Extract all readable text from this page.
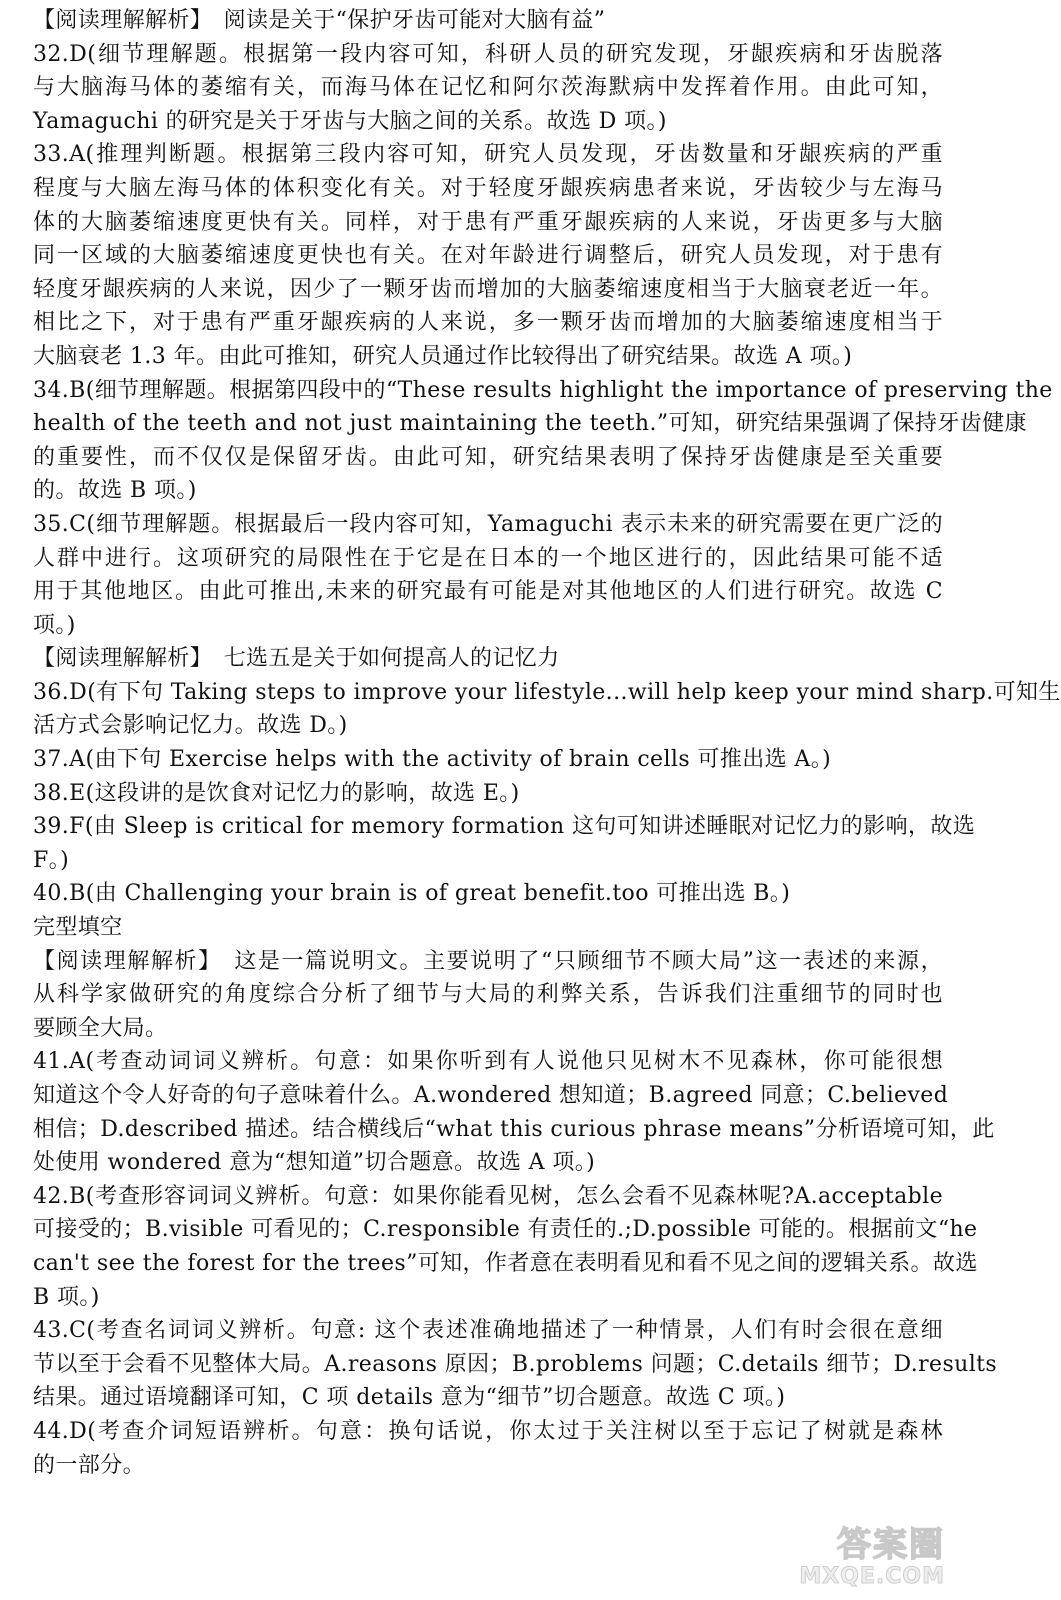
【阅读理解解析】　阅读是关于“保护牙齿可能对大脑有益”
32.D(细节理解题。根据第一段内容可知，科研人员的研究发现，牙龈疾病和牙齿脱落
与大脑海马体的萎缩有关，而海马体在记忆和阿尔茨海默病中发挥着作用。由此可知，
Yamaguchi 的研究是关于牙齿与大脑之间的关系。故选 D 项。)
33.A(推理判断题。根据第三段内容可知，研究人员发现，牙齿数量和牙龈疾病的严重
程度与大脑左海马体的体积变化有关。对于轻度牙龈疾病患者来说，牙齿较少与左海马
体的大脑萎缩速度更快有关。同样，对于患有严重牙龈疾病的人来说，牙齿更多与大脑
同一区域的大脑萎缩速度更快也有关。在对年龄进行调整后，研究人员发现，对于患有
轻度牙龈疾病的人来说，因少了一颗牙齿而增加的大脑萎缩速度相当于大脑衰老近一年。
相比之下，对于患有严重牙龈疾病的人来说，多一颗牙齿而增加的大脑萎缩速度相当于
大脑衰老 1.3 年。由此可推知，研究人员通过作比较得出了研究结果。故选 A 项。)
34.B(细节理解题。根据第四段中的“These results highlight the importance of preserving the
health of the teeth and not just maintaining the teeth.”可知，研究结果强调了保持牙齿健康
的重要性，而不仅仅是保留牙齿。由此可知，研究结果表明了保持牙齿健康是至关重要
的。故选 B 项。)
35.C(细节理解题。根据最后一段内容可知，Yamaguchi 表示未来的研究需要在更广泛的
人群中进行。这项研究的局限性在于它是在日本的一个地区进行的，因此结果可能不适
用于其他地区。由此可推出,未来的研究最有可能是对其他地区的人们进行研究。故选 C
项。)
【阅读理解解析】　七选五是关于如何提高人的记忆力
36.D(有下句 Taking steps to improve your lifestyle...will help keep your mind sharp.可知生
活方式会影响记忆力。故选 D。)
37.A(由下句 Exercise helps with the activity of brain cells 可推出选 A。)
38.E(这段讲的是饮食对记忆力的影响，故选 E。)
39.F(由 Sleep is critical for memory formation 这句可知讲述睡眠对记忆力的影响，故选
F。)
40.B(由 Challenging your brain is of great benefit.too 可推出选 B。)
完型填空
【阅读理解解析】　这是一篇说明文。主要说明了“只顾细节不顾大局”这一表述的来源，
从科学家做研究的角度综合分析了细节与大局的利弊关系，告诉我们注重细节的同时也
要顾全大局。
41.A(考查动词词义辨析。句意：如果你听到有人说他只见树木不见森林，你可能很想
知道这个令人好奇的句子意味着什么。A.wondered 想知道；B.agreed 同意；C.believed
相信；D.described 描述。结合横线后“what this curious phrase means”分析语境可知，此
处使用 wondered 意为“想知道”切合题意。故选 A 项。)
42.B(考查形容词词义辨析。句意：如果你能看见树，怎么会看不见森林呢?A.acceptable
可接受的；B.visible 可看见的；C.responsible 有责任的.;D.possible 可能的。根据前文“he
can't see the forest for the trees”可知，作者意在表明看见和看不见之间的逻辑关系。故选
B 项。)
43.C(考查名词词义辨析。句意: 这个表述准确地描述了一种情景，人们有时会很在意细
节以至于会看不见整体大局。A.reasons 原因；B.problems 问题；C.details 细节；D.results
结果。通过语境翻译可知，C 项 details 意为“细节”切合题意。故选 C 项。)
44.D(考查介词短语辨析。句意：换句话说，你太过于关注树以至于忘记了树就是森林
的一部分。
答案圈
MXQE.COM
